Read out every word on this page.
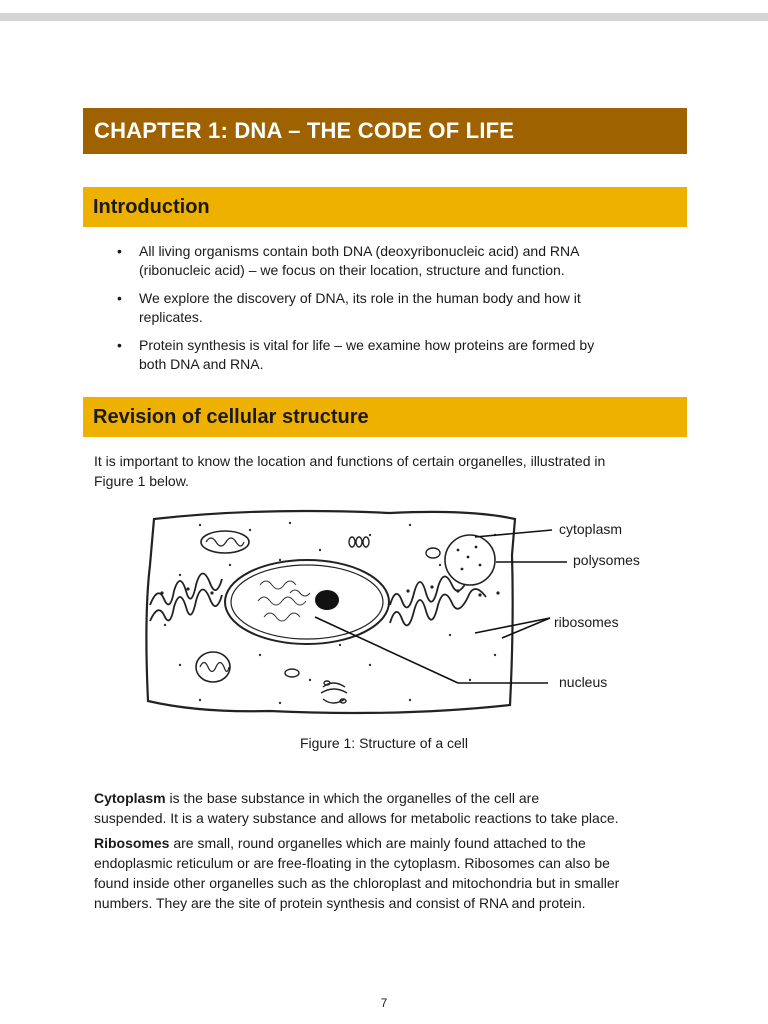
CHAPTER 1: DNA – THE CODE OF LIFE
Introduction
• All living organisms contain both DNA (deoxyribonucleic acid) and RNA
(ribonucleic acid) – we focus on their location, structure and function.
• We explore the discovery of DNA, its role in the human body and how it
replicates.
• Protein synthesis is vital for life – we examine how proteins are formed by
both DNA and RNA.
Revision of cellular structure

It is important to know the location and functions of certain organelles, illustrated in
Figure 1 below.

cytoplasm
polysomes
ribosomes
nucleus
Figure 1: Structure of a cell

Cytoplasm is the base substance in which the organelles of the cell are
suspended. It is a watery substance and allows for metabolic reactions to take place.

Ribosomes are small, round organelles which are mainly found attached to the
endoplasmic reticulum or are free-floating in the cytoplasm. Ribosomes can also be
found inside other organelles such as the chloroplast and mitochondria but in smaller
numbers. They are the site of protein synthesis and consist of RNA and protein.

7
